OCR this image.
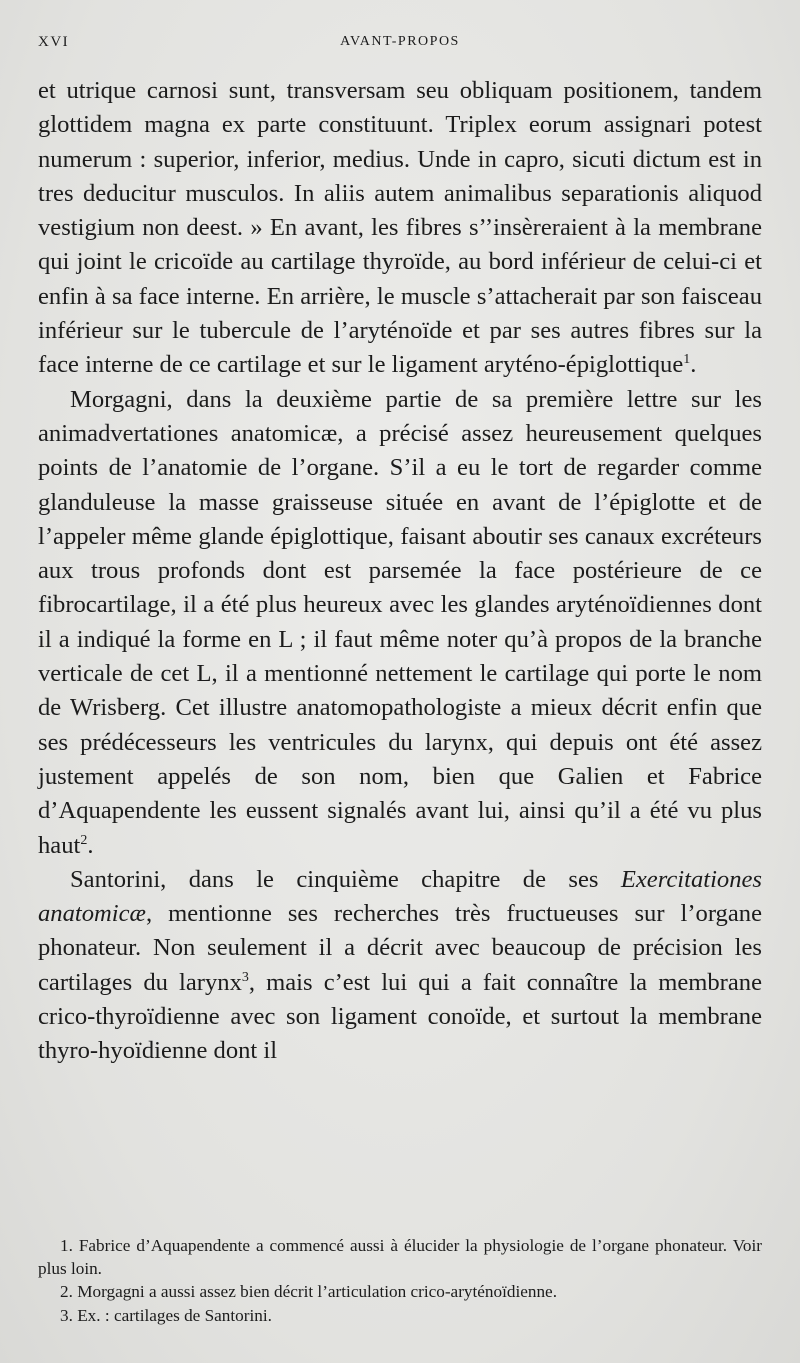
XVI	AVANT-PROPOS

et utrique carnosi sunt, transversam seu obliquam positionem, tandem glottidem magna ex parte constituunt. Triplex eorum assignari potest numerum : superior, inferior, medius. Unde in capro, sicuti dictum est in tres deducitur musculos. In aliis autem animalibus separationis aliquod vestigium non deest. » En avant, les fibres s’’insèreraient à la membrane qui joint le cricoïde au cartilage thyroïde, au bord inférieur de celui-ci et enfin à sa face interne. En arrière, le muscle s’attacherait par son faisceau inférieur sur le tubercule de l’aryténoïde et par ses autres fibres sur la face interne de ce cartilage et sur le ligament aryténo-épiglottique$^1$.

Morgagni, dans la deuxième partie de sa première lettre sur les animadvertationes anatomicæ, a précisé assez heureusement quelques points de l’anatomie de l’organe. S’il a eu le tort de regarder comme glanduleuse la masse graisseuse située en avant de l’épiglotte et de l’appeler même glande épiglottique, faisant aboutir ses canaux excréteurs aux trous profonds dont est parsemée la face postérieure de ce fibrocartilage, il a été plus heureux avec les glandes aryténoïdiennes dont il a indiqué la forme en L ; il faut même noter qu’à propos de la branche verticale de cet L, il a mentionné nettement le cartilage qui porte le nom de Wrisberg. Cet illustre anatomopathologiste a mieux décrit enfin que ses prédécesseurs les ventricules du larynx, qui depuis ont été assez justement appelés de son nom, bien que Galien et Fabrice d’Aquapendente les eussent signalés avant lui, ainsi qu’il a été vu plus haut$^2$.

Santorini, dans le cinquième chapitre de ses Exercitationes anatomicæ, mentionne ses recherches très fructueuses sur l’organe phonateur. Non seulement il a décrit avec beaucoup de précision les cartilages du larynx$^3$, mais c’est lui qui a fait connaître la membrane crico-thyroïdienne avec son ligament conoïde, et surtout la membrane thyro-hyoïdienne dont il

1. Fabrice d’Aquapendente a commencé aussi à élucider la physiologie de l’organe phonateur. Voir plus loin.

2. Morgagni a aussi assez bien décrit l’articulation crico-aryténoïdienne.

3. Ex. : cartilages de Santorini.
